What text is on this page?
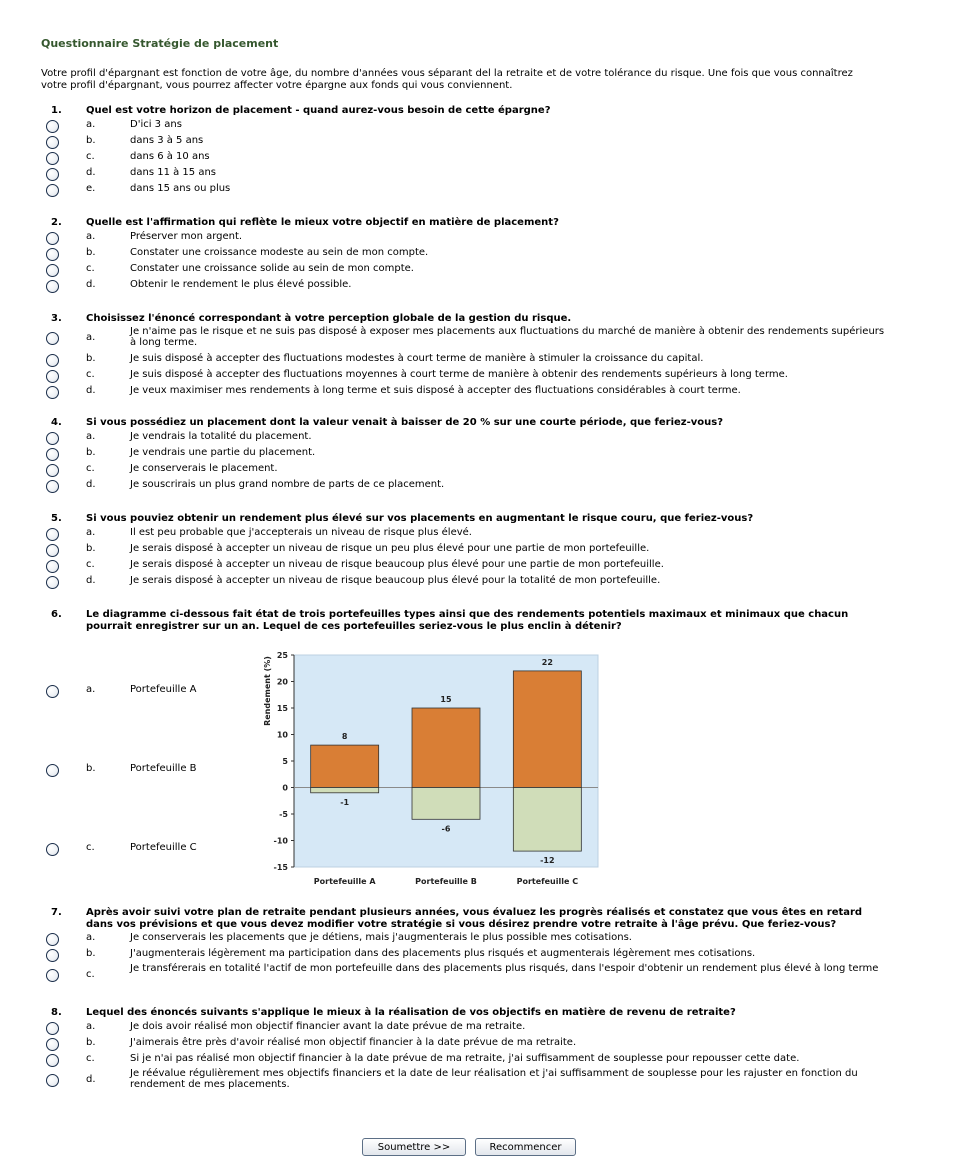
Questionnaire Stratégie de placement
Votre profil d'épargnant est fonction de votre âge, du nombre d'années vous séparant del la retraite et de votre tolérance du risque. Une fois que vous connaîtrez votre profil d'épargnant, vous pourrez affecter votre épargne aux fonds qui vous conviennent.
1. Quel est votre horizon de placement - quand aurez-vous besoin de cette épargne?
a.	D'ici 3 ans
b.	dans 3 à 5 ans
c.	dans 6 à 10 ans
d.	dans 11 à 15 ans
e.	dans 15 ans ou plus
2. Quelle est l'affirmation qui reflète le mieux votre objectif en matière de placement?
a.	Préserver mon argent.
b.	Constater une croissance modeste au sein de mon compte.
c.	Constater une croissance solide au sein de mon compte.
d.	Obtenir le rendement le plus élevé possible.
3. Choisissez l'énoncé correspondant à votre perception globale de la gestion du risque.
a.
Je n'aime pas le risque et ne suis pas disposé à exposer mes placements aux fluctuations du marché de manière à obtenir des rendements supérieurs à long terme.
b.	Je suis disposé à accepter des fluctuations modestes à court terme de manière à stimuler la croissance du capital.
c.	Je suis disposé à accepter des fluctuations moyennes à court terme de manière à obtenir des rendements supérieurs à long terme.
d.	Je veux maximiser mes rendements à long terme et suis disposé à accepter des fluctuations considérables à court terme.
4. Si vous possédiez un placement dont la valeur venait à baisser de 20 % sur une courte période, que feriez-vous?
a.	Je vendrais la totalité du placement.
b.	Je vendrais une partie du placement.
c.	Je conserverais le placement.
d.	Je souscrirais un plus grand nombre de parts de ce placement.
5. Si vous pouviez obtenir un rendement plus élevé sur vos placements en augmentant le risque couru, que feriez-vous?
a.	Il est peu probable que j'accepterais un niveau de risque plus élevé.
b.	Je serais disposé à accepter un niveau de risque un peu plus élevé pour une partie de mon portefeuille.
c.	Je serais disposé à accepter un niveau de risque beaucoup plus élevé pour une partie de mon portefeuille.
d.	Je serais disposé à accepter un niveau de risque beaucoup plus élevé pour la totalité de mon portefeuille.
6. Le diagramme ci-dessous fait état de trois portefeuilles types ainsi que des rendements potentiels maximaux et minimaux que chacun pourrait enregistrer sur un an. Lequel de ces portefeuilles seriez-vous le plus enclin à détenir?
a.	Portefeuille A
b.	Portefeuille B
c.	Portefeuille C
25
20
15
10
5
0
-5
-10
-15
Rendement (%)
8
-1
Portefeuille A
15
-6
Portefeuille B
22
-12
Portefeuille C
7. Après avoir suivi votre plan de retraite pendant plusieurs années, vous évaluez les progrès réalisés et constatez que vous êtes en retard dans vos prévisions et que vous devez modifier votre stratégie si vous désirez prendre votre retraite à l'âge prévu. Que feriez-vous?
a.	Je conserverais les placements que je détiens, mais j'augmenterais le plus possible mes cotisations.
b.	J'augmenterais légèrement ma participation dans des placements plus risqués et augmenterais légèrement mes cotisations.
c.
Je transférerais en totalité l'actif de mon portefeuille dans des placements plus risqués, dans l'espoir d'obtenir un rendement plus élevé à long terme
8. Lequel des énoncés suivants s'applique le mieux à la réalisation de vos objectifs en matière de revenu de retraite?
a.	Je dois avoir réalisé mon objectif financier avant la date prévue de ma retraite.
b.	J'aimerais être près d'avoir réalisé mon objectif financier à la date prévue de ma retraite.
c.	Si je n'ai pas réalisé mon objectif financier à la date prévue de ma retraite, j'ai suffisamment de souplesse pour repousser cette date.
d.
Je réévalue régulièrement mes objectifs financiers et la date de leur réalisation et j'ai suffisamment de souplesse pour les rajuster en fonction du rendement de mes placements.
Soumettre >>	Recommencer
